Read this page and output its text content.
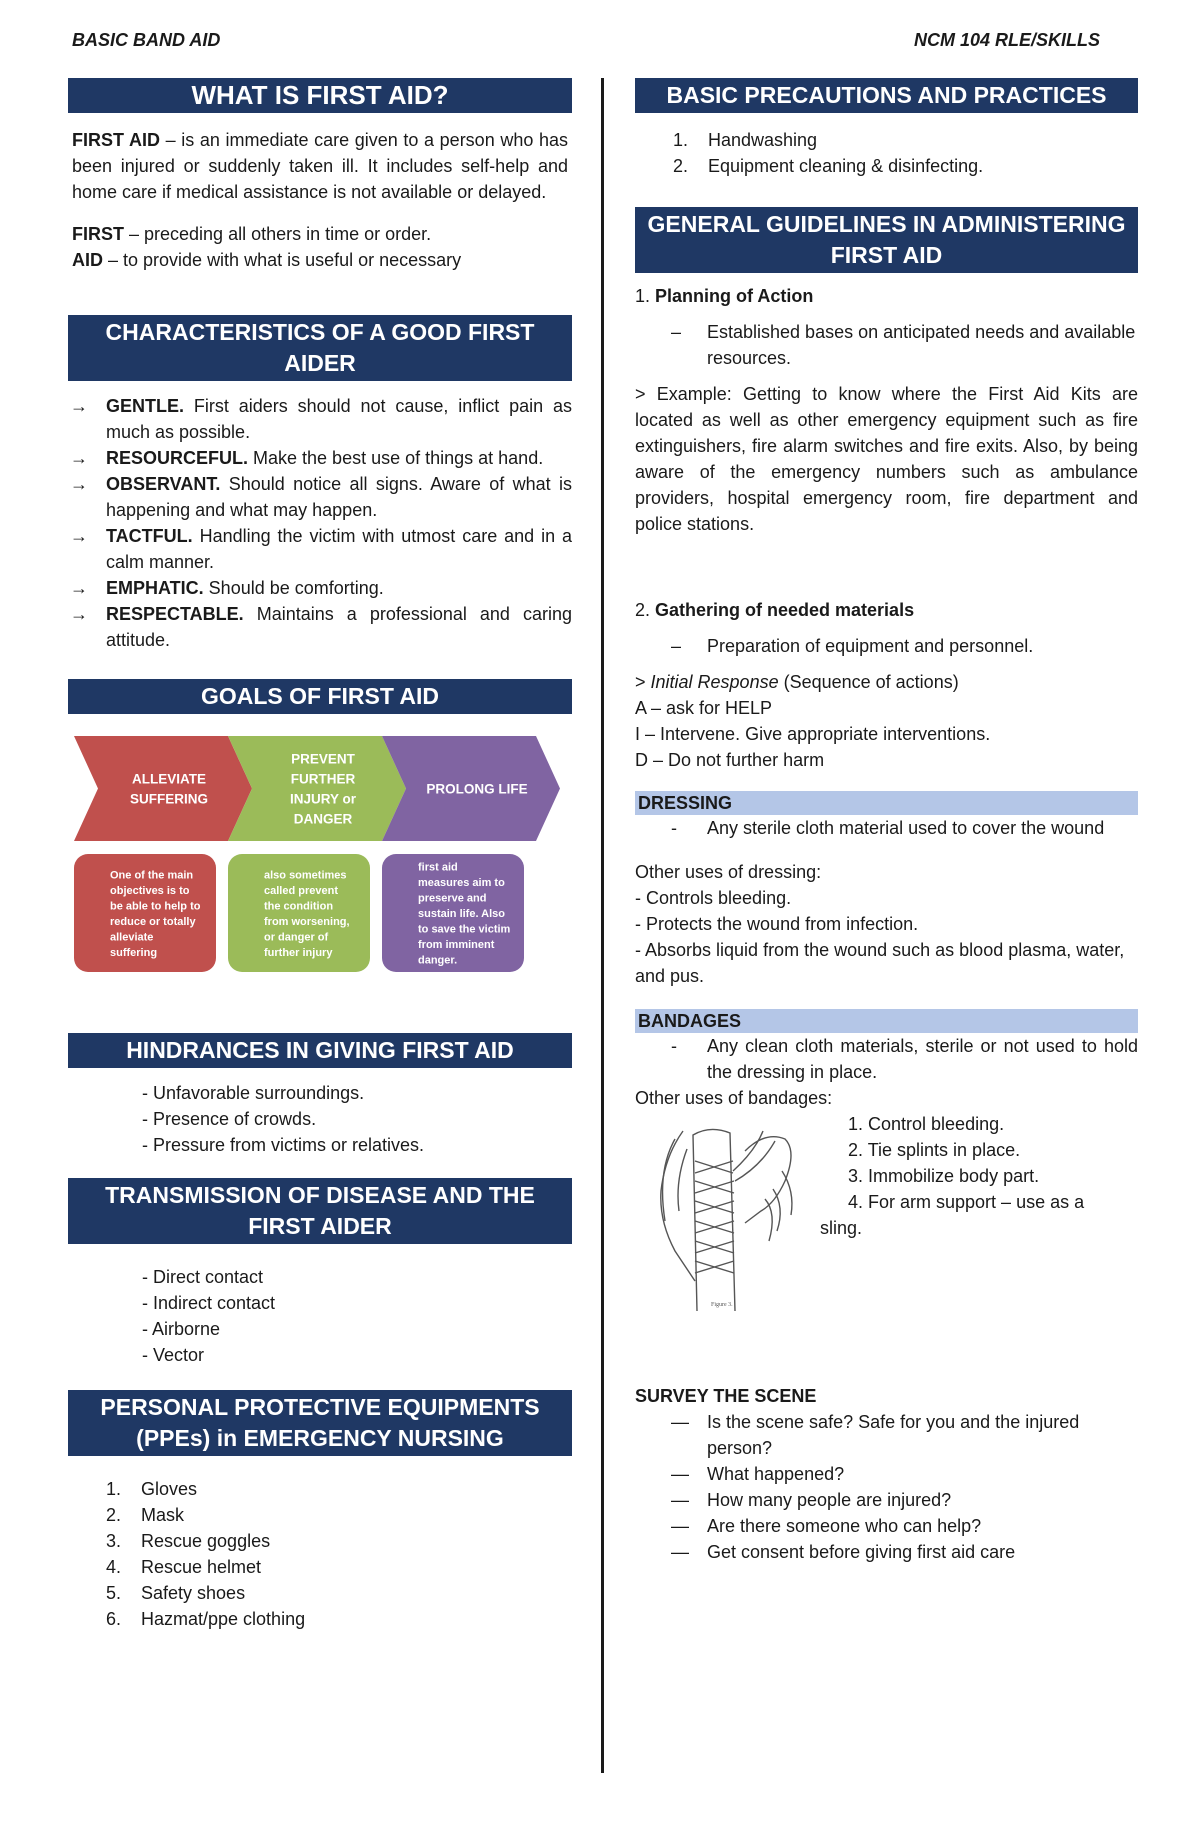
BASIC BAND AID	NCM 104 RLE/SKILLS
WHAT IS FIRST AID?

FIRST AID – is an immediate care given to a person who has been injured or suddenly taken ill. It includes self-help and home care if medical assistance is not available or delayed.

FIRST – preceding all others in time or order.

AID – to provide with what is useful or necessary

CHARACTERISTICS OF A GOOD FIRST AIDER
→ GENTLE. First aiders should not cause, inflict pain as much as possible.
→ RESOURCEFUL. Make the best use of things at hand.
→ OBSERVANT. Should notice all signs. Aware of what is happening and what may happen.
→ TACTFUL. Handling the victim with utmost care and in a calm manner.
→ EMPHATIC. Should be comforting.
→ RESPECTABLE. Maintains a professional and caring attitude.
GOALS OF FIRST AID
ALLEVIATE
SUFFERING
PREVENT
FURTHER
INJURY or
DANGER
PROLONG LIFE
One of the main
objectives is to
be able to help to
reduce or totally
alleviate
suffering
also sometimes
called prevent
the condition
from worsening,
or danger of
further injury
first aid
measures aim to
preserve and
sustain life. Also
to save the victim
from imminent
danger.
HINDRANCES IN GIVING FIRST AID
- Unfavorable surroundings.
- Presence of crowds.
- Pressure from victims or relatives.
TRANSMISSION OF DISEASE AND THE FIRST AIDER
- Direct contact
- Indirect contact
- Airborne
- Vector
PERSONAL PROTECTIVE EQUIPMENTS (PPEs) in EMERGENCY NURSING
1. Gloves
2. Mask
3. Rescue goggles
4. Rescue helmet
5. Safety shoes
6. Hazmat/ppe clothing
BASIC PRECAUTIONS AND PRACTICES
1. Handwashing
2. Equipment cleaning & disinfecting.
GENERAL GUIDELINES IN ADMINISTERING FIRST AID

1. Planning of Action

– Established bases on anticipated needs and available resources.

> Example: Getting to know where the First Aid Kits are located as well as other emergency equipment such as fire extinguishers, fire alarm switches and fire exits. Also, by being aware of the emergency numbers such as ambulance providers, hospital emergency room, fire department and police stations.

2. Gathering of needed materials

– Preparation of equipment and personnel.

> Initial Response (Sequence of actions)

A – ask for HELP
I – Intervene. Give appropriate interventions.
D – Do not further harm
DRESSING
- Any sterile cloth material used to cover the wound

Other uses of dressing:

- Controls bleeding.
- Protects the wound from infection.
- Absorbs liquid from the wound such as blood plasma, water, and pus.
BANDAGES
- Any clean cloth materials, sterile or not used to hold the dressing in place.

Other uses of bandages:

Figure 3.
1. Control bleeding.
2. Tie splints in place.
3. Immobilize body part.
4. For arm support – use as a
sling.

SURVEY THE SCENE

— Is the scene safe? Safe for you and the injured person?
— What happened?
— How many people are injured?
— Are there someone who can help?
— Get consent before giving first aid care
